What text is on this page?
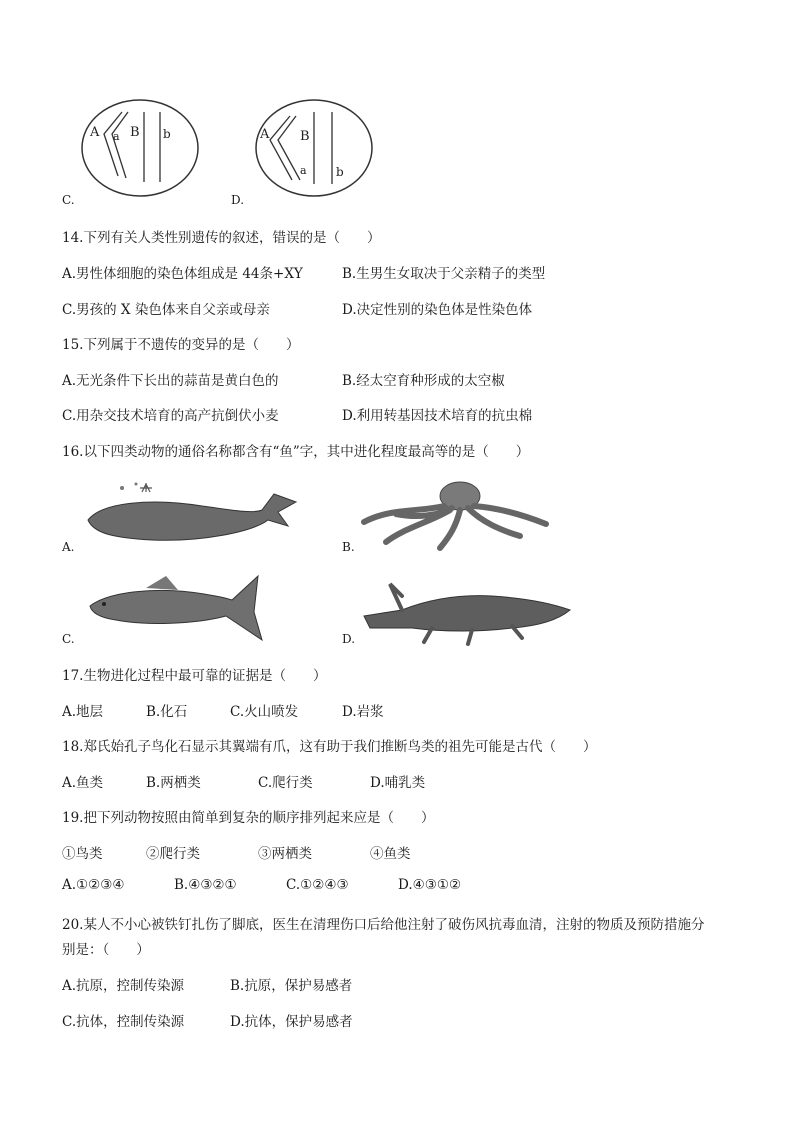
A a B b
C.
A B
a b
D.
14.下列有关人类性别遗传的叙述，错误的是（　　）
A.男性体细胞的染色体组成是 44条+XY	B.生男生女取决于父亲精子的类型
C.男孩的 X 染色体来自父亲或母亲	D.决定性别的染色体是性染色体
15.下列属于不遗传的变异的是（　　）
A.无光条件下长出的蒜苗是黄白色的	B.经太空育种形成的太空椒
C.用杂交技术培育的高产抗倒伏小麦	D.利用转基因技术培育的抗虫棉
16.以下四类动物的通俗名称都含有“鱼”字，其中进化程度最高等的是（　　）
A.	B.
C.	D.
17.生物进化过程中最可靠的证据是（　　）
A.地层	B.化石	C.火山喷发	D.岩浆
18.郑氏始孔子鸟化石显示其翼端有爪，这有助于我们推断鸟类的祖先可能是古代（　　）
A.鱼类	B.两栖类	C.爬行类	D.哺乳类
19.把下列动物按照由简单到复杂的顺序排列起来应是（　　）
①鸟类	②爬行类	③两栖类	④鱼类
A.①②③④	B.④③②①	C.①②④③	D.④③①②
20.某人不小心被铁钉扎伤了脚底，医生在清理伤口后给他注射了破伤风抗毒血清，注射的物质及预防措施分
别是：（　　）
A.抗原，控制传染源	B.抗原，保护易感者
C.抗体，控制传染源	D.抗体，保护易感者
